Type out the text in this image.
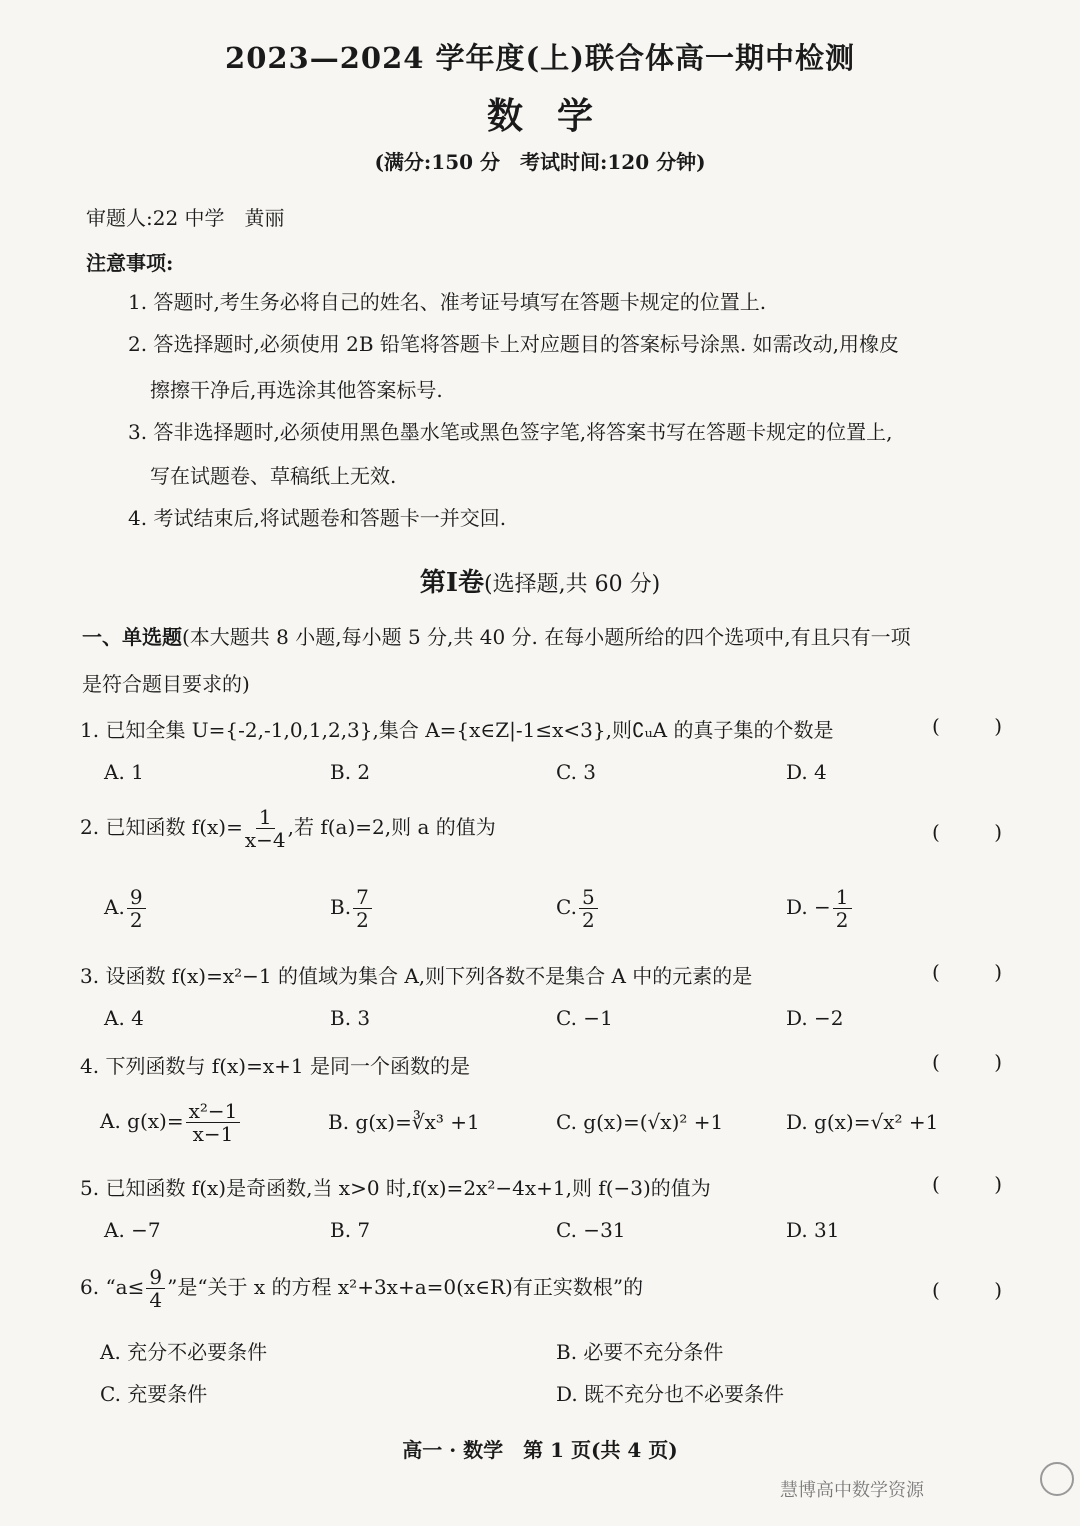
2023—2024 学年度(上)联合体高一期中检测
数学
(满分:150 分　考试时间:120 分钟)
审题人:22 中学　黄丽
注意事项:
1. 答题时,考生务必将自己的姓名、准考证号填写在答题卡规定的位置上.
2. 答选择题时,必须使用 2B 铅笔将答题卡上对应题目的答案标号涂黑. 如需改动,用橡皮
擦擦干净后,再选涂其他答案标号.
3. 答非选择题时,必须使用黑色墨水笔或黑色签字笔,将答案书写在答题卡规定的位置上,
写在试题卷、草稿纸上无效.
4. 考试结束后,将试题卷和答题卡一并交回.
第Ⅰ卷(选择题,共 60 分)
一、单选题(本大题共 8 小题,每小题 5 分,共 40 分. 在每小题所给的四个选项中,有且只有一项
是符合题目要求的)
1. 已知全集 U={-2,-1,0,1,2,3},集合 A={x∈Z|-1≤x<3},则∁ᵤA 的真子集的个数是	(	)
A. 1	B. 2	C. 3	D. 4
2. 已知函数 $f(x)= \frac{1}{x-4}$ ,若 f(a)=2,则 a 的值为	(	)
A. $\frac{9}{2}$	B. $\frac{7}{2}$	C. $\frac{5}{2}$	D. − $\frac{1}{2}$
3. 设函数 f(x)=x²−1 的值域为集合 A,则下列各数不是集合 A 中的元素的是	(	)
A. 4	B. 3	C. −1	D. −2
4. 下列函数与 f(x)=x+1 是同一个函数的是	(	)
A. $g(x)= \frac{\text{x²−1}}{x-1}$	B. g(x)=∛x³ +1	C. g(x)=(√x)² +1	D. g(x)=√x² +1
5. 已知函数 f(x)是奇函数,当 x>0 时,f(x)=2x²−4x+1,则 f(−3)的值为	(	)
A. −7	B. 7	C. −31	D. 31
6. “$a\le \frac{9}{4}$ ”是“关于 x 的方程 x²+3x+a=0(x∈R)有正实数根”的	(	)
A. 充分不必要条件	B. 必要不充分条件
C. 充要条件	D. 既不充分也不必要条件
高一 · 数学　第 1 页(共 4 页)
慧博高中数学资源
